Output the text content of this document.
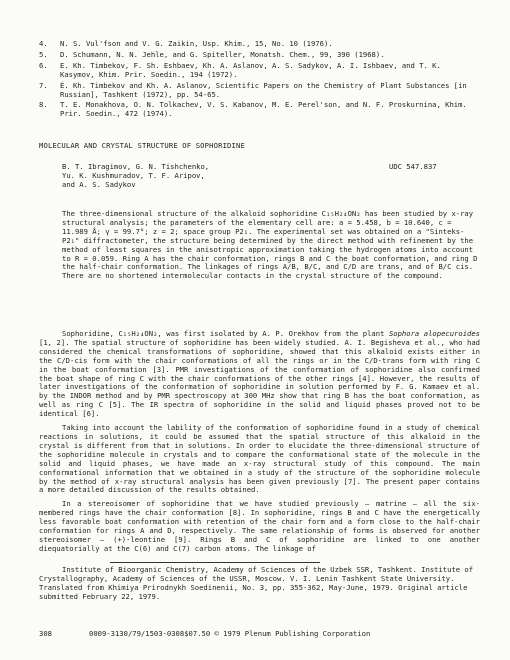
4.	N. S. Vul'fson and V. G. Zaikin, Usp. Khim., 15, No. 10 (1976).
5.	D. Schumann, N. N. Jehle, and G. Spiteller, Monatsh. Chem., 99, 390 (1968).
6.	E. Kh. Timbekov, F. Sh. Eshbaev, Kh. A. Aslanov, A. S. Sadykov, A. I. Ishbaev, and T. K. Kasymov, Khim. Prir. Soedin., 194 (1972).
7.	É. Kh. Timbekov and Kh. A. Aslanov, Scientific Papers on the Chemistry of Plant Substances [in Russian], Tashkent (1972), pp. 54-65.
8.	T. E. Monakhova, O. N. Tolkachev, V. S. Kabanov, M. E. Perel'son, and N. F. Proskurnina, Khim. Prir. Soedin., 472 (1974).
MOLECULAR AND CRYSTAL STRUCTURE OF SOPHORIDINE
B. T. Ibragimov, G. N. Tishchenko,
Yu. K. Kushmuradov, T. F. Aripov,
and A. S. Sadykov
UDC 547.837
The three-dimensional structure of the alkaloid sophoridine C₁₅H₂₄ON₂ has been studied by x-ray structural analysis; the parameters of the elementary cell are: a = 5.458, b = 10.640, c = 11.989 Å; γ = 99.7°; z = 2; space group P2₁. The experimental set was obtained on a "Sinteks-P2₁" diffractometer, the structure being determined by the direct method with refinement by the method of least squares in the anisotropic approximation taking the hydrogen atoms into account to R = 0.059. Ring A has the chair conformation, rings B and C the boat conformation, and ring D the half-chair conformation. The linkages of rings A/B, B/C, and C/D are trans, and of B/C cis. There are no shortened intermolecular contacts in the crystal structure of the compound.

Sophoridine, C₁₅H₂₄ON₂, was first isolated by A. P. Orekhov from the plant Sophora alopecuroides [1, 2]. The spatial structure of sophoridine has been widely studied. A. I. Begisheva et al., who had considered the chemical transformations of sophoridine, showed that this alkaloid exists either in the C/D-cis form with the chair conformations of all the rings or in the C/D-trans form with ring C in the boat conformation [3]. PMR investigations of the conformation of sophoridine also confirmed the boat shape of ring C with the chair conformations of the other rings [4]. However, the results of later investigations of the conformation of sophoridine in solution performed by F. G. Kamaev et al. by the INDOR method and by PMR spectroscopy at 300 MHz show that ring B has the boat conformation, as well as ring C [5]. The IR spectra of sophoridine in the solid and liquid phases proved not to be identical [6].

Taking into account the lability of the conformation of sophoridine found in a study of chemical reactions in solutions, it could be assumed that the spatial structure of this alkaloid in the crystal is different from that in solutions. In order to elucidate the three-dimensional structure of the sophoridine molecule in crystals and to compare the conformational state of the molecule in the solid and liquid phases, we have made an x-ray structural study of this compound. The main conformational information that we obtained in a study of the structure of the sophoridine molecule by the method of x-ray structural analysis has been given previously [7]. The present paper contains a more detailed discussion of the results obtained.

In a stereoisomer of sophoridine that we have studied previously — matrine — all the six-membered rings have the chair conformation [8]. In sophoridine, rings B and C have the energetically less favorable boat conformation with retention of the chair form and a form close to the half-chair conformation for rings A and D, respectively. The same relationship of forms is observed for another stereoisomer — (+)-leontine [9]. Rings B and C of sophoridine are linked to one another diequatorially at the C(6) and C(7) carbon atoms. The linkage of

Institute of Bioorganic Chemistry, Academy of Sciences of the Uzbek SSR, Tashkent. Institute of Crystallography, Academy of Sciences of the USSR, Moscow. V. I. Lenin Tashkent State University. Translated from Khimiya Prirodnykh Soedinenii, No. 3, pp. 355-362, May-June, 1979. Original article submitted February 22, 1979.

308	0009-3130/79/1503-0308$07.50 © 1979 Plenum Publishing Corporation
